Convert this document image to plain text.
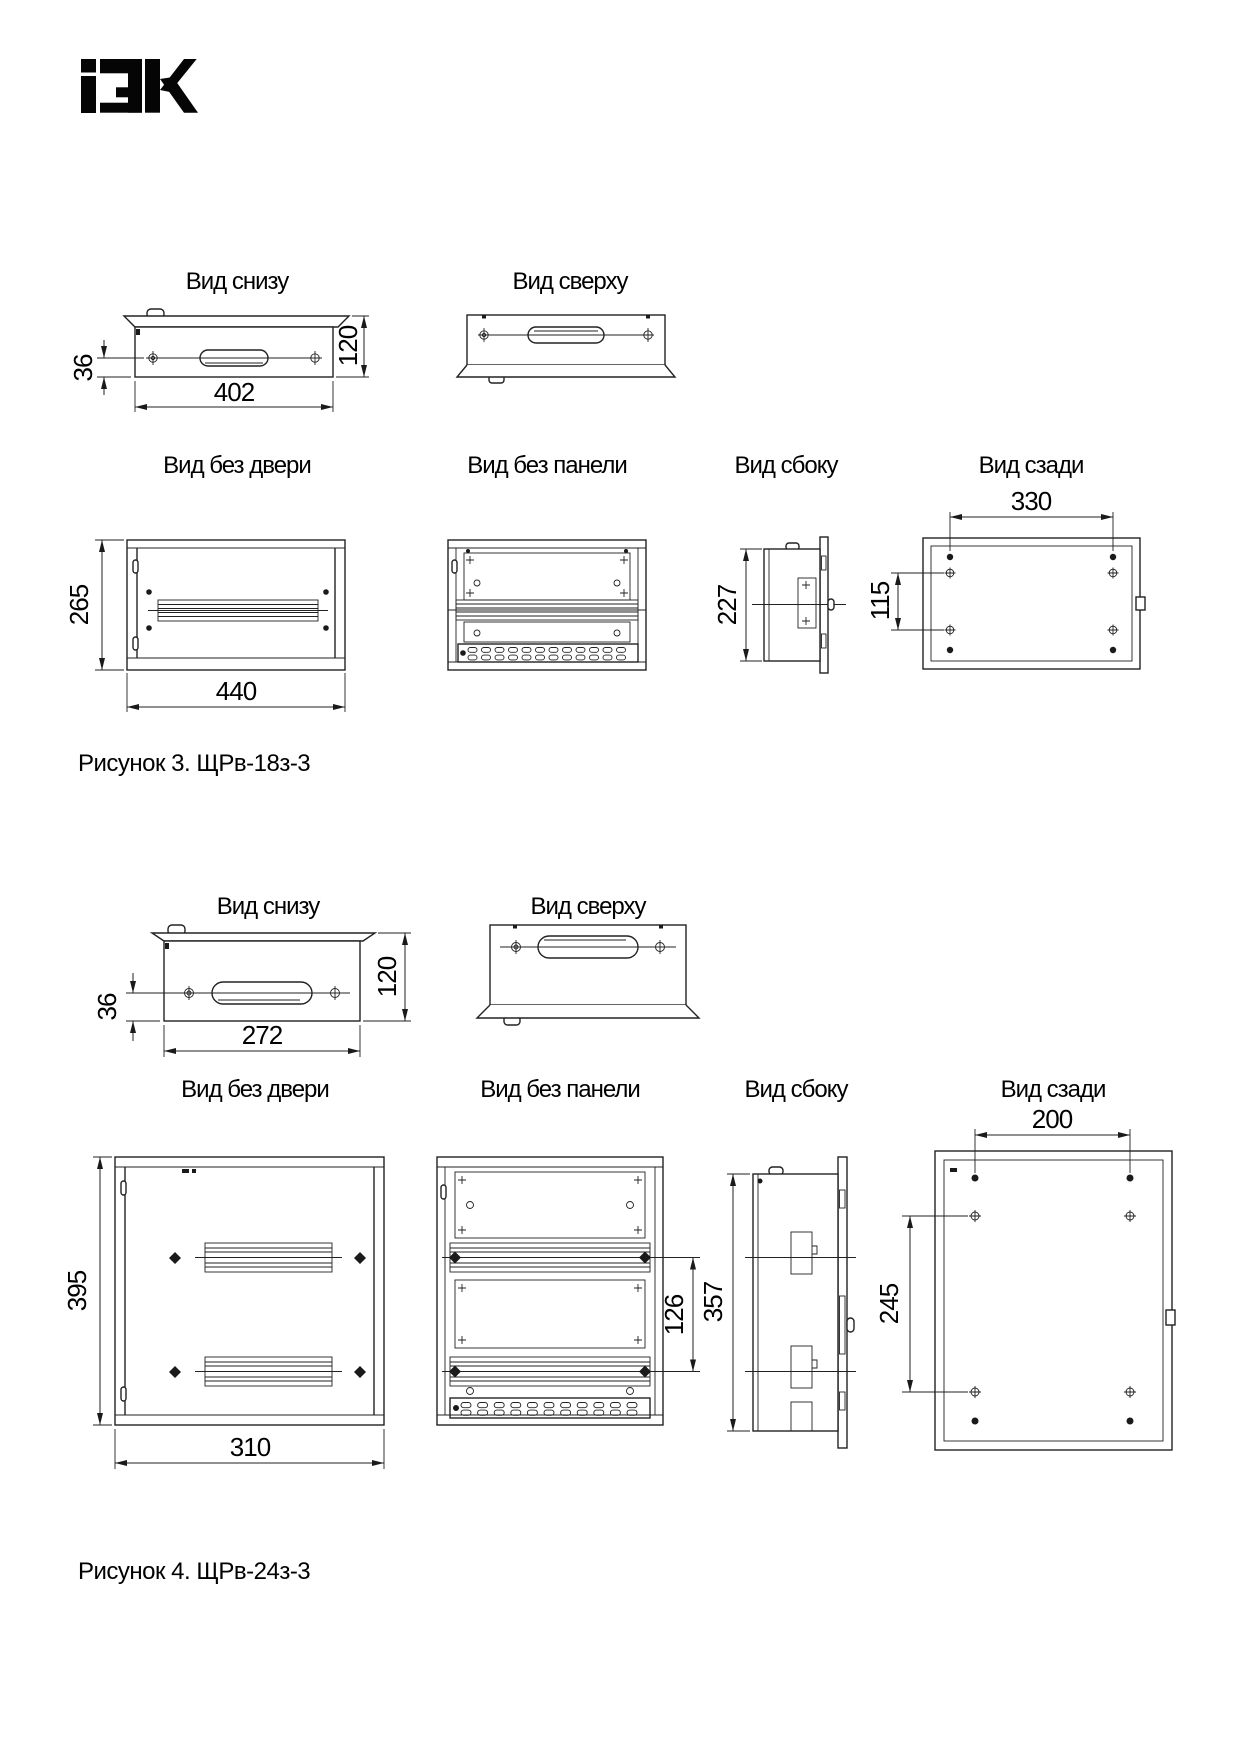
Вид снизу	Вид сверху
Вид без двери	Вид без панели	Вид сбоку	Вид сзади
36
402
120
265
440
227
330
115
Рисунок 3. ЩРв-18з-3
Вид снизу	Вид сверху
Вид без двери	Вид без панели	Вид сбоку	Вид сзади
36
272
120
395
310
126 357
200
245
Рисунок 4. ЩРв-24з-3
